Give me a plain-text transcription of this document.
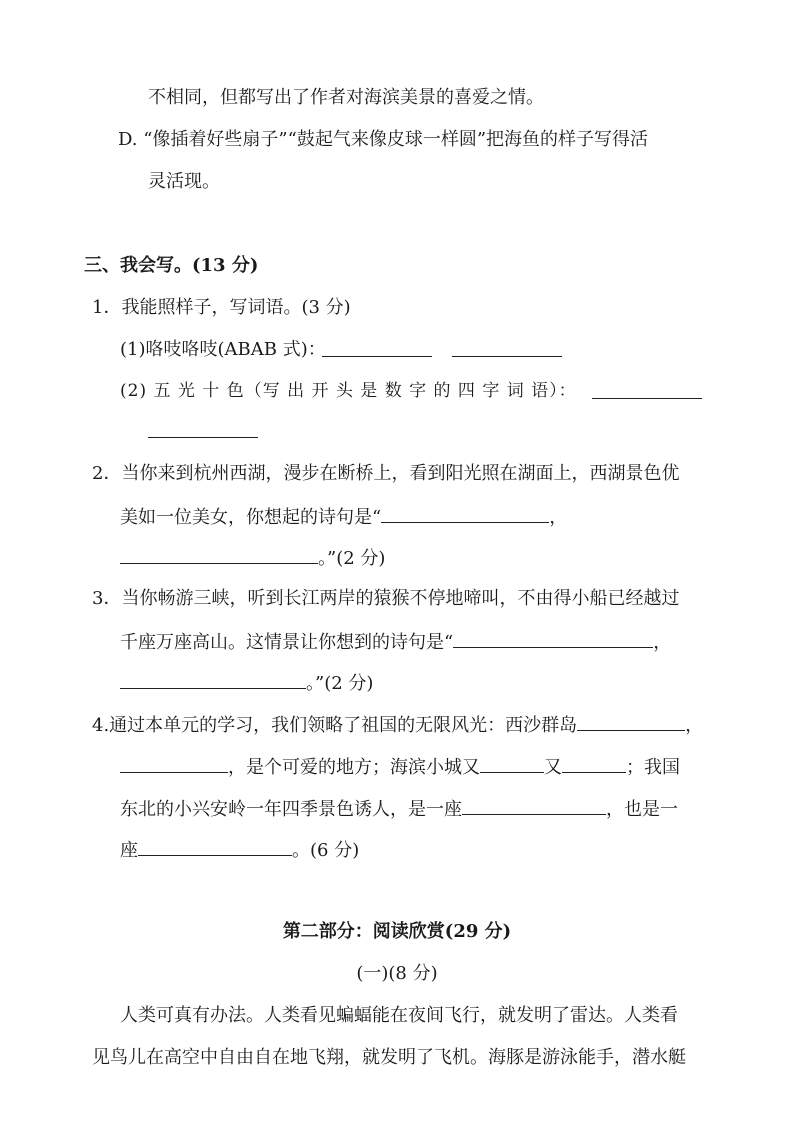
不相同，但都写出了作者对海滨美景的喜爱之情。
D. “像插着好些扇子”“鼓起气来像皮球一样圆”把海鱼的样子写得活
灵活现。
三、我会写。(13 分)
1．我能照样子，写词语。(3 分)
(1)咯吱咯吱(ABAB 式)：
(2) 五 光 十 色（写 出 开 头 是 数 字 的 四 字 词 语）：
2．当你来到杭州西湖，漫步在断桥上，看到阳光照在湖面上，西湖景色优
美如一位美女，你想起的诗句是“	，
。”(2 分)
3．当你畅游三峡，听到长江两岸的猿猴不停地啼叫，不由得小船已经越过
千座万座高山。这情景让你想到的诗句是“	，
。”(2 分)
4.通过本单元的学习，我们领略了祖国的无限风光：西沙群岛	，
，是个可爱的地方；海滨小城又	又	；我国
东北的小兴安岭一年四季景色诱人，是一座	，也是一
座	。(6 分)
第二部分：阅读欣赏(29 分)
(一)(8 分)
人类可真有办法。人类看见蝙蝠能在夜间飞行，就发明了雷达。人类看
见鸟儿在高空中自由自在地飞翔，就发明了飞机。海豚是游泳能手，潜水艇
